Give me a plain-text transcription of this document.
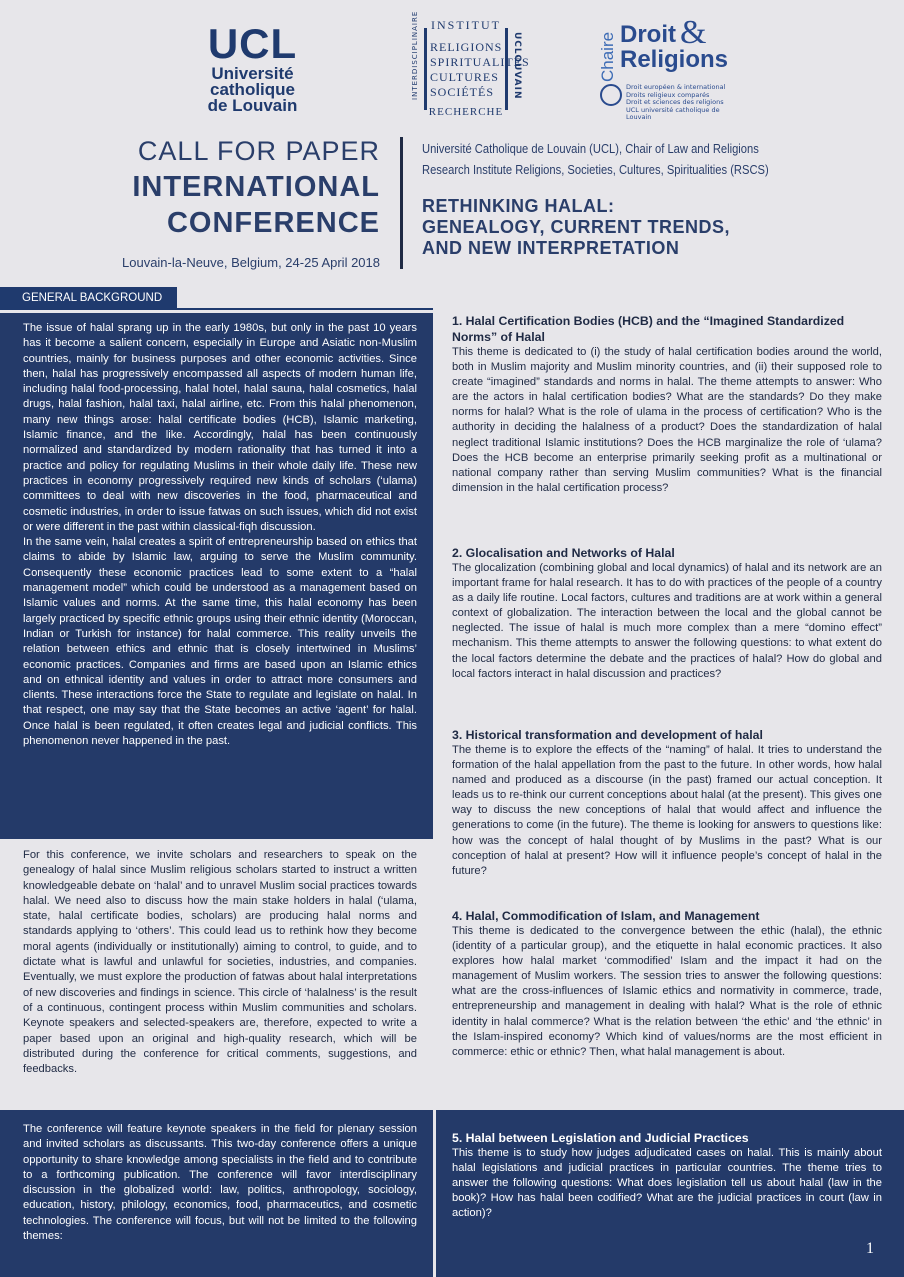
UCL
Université
catholique
de Louvain
INSTITUT
INTERDISCIPLINAIRE	UCLOUVAIN
RELIGIONS
SPIRITUALITÉS
CULTURES
SOCIÉTÉS
RECHERCHE
Chaire Droit &
Religions
Droit européen & international
Droits religieux comparés
Droit et sciences des religions
UCL université catholique de Louvain
CALL FOR PAPER
INTERNATIONAL
CONFERENCE
Louvain-la-Neuve, Belgium, 24-25 April 2018
Université Catholique de Louvain (UCL), Chair of Law and Religions
Research Institute Religions, Societies, Cultures, Spiritualities (RSCS)
RETHINKING HALAL:
GENEALOGY, CURRENT TRENDS,
AND NEW INTERPRETATION
GENERAL BACKGROUND

The issue of halal sprang up in the early 1980s, but only in the past 10 years has it become a salient concern, especially in Europe and Asiatic non-Muslim countries, mainly for business purposes and other economic activities. Since then, halal has progressively encompassed all aspects of modern human life, including halal food-processing, halal hotel, halal sauna, halal cosmetics, halal drugs, halal fashion, halal taxi, halal airline, etc. From this halal phenomenon, many new things arose: halal certificate bodies (HCB), Islamic marketing, Islamic finance, and the like. Accordingly, halal has been continuously normalized and standardized by modern rationality that has turned it into a practice and policy for regulating Muslims in their whole daily life. These new practices in economy progressively required new kinds of scholars (‘ulama) committees to deal with new discoveries in the food, pharmaceutical and cosmetic industries, in order to issue fatwas on such issues, which did not exist or were different in the past within classical-fiqh discussion.

In the same vein, halal creates a spirit of entrepreneurship based on ethics that claims to abide by Islamic law, arguing to serve the Muslim community. Consequently these economic practices lead to some extent to a “halal management model” which could be understood as a management based on Islamic values and norms. At the same time, this halal economy has been largely practiced by specific ethnic groups using their ethnic identity (Moroccan, Indian or Turkish for instance) for halal commerce. This reality unveils the relation between ethics and ethnic that is closely intertwined in Muslims’ economic practices. Companies and firms are based upon an Islamic ethics and on ethnical identity and values in order to attract more consumers and clients. These interactions force the State to regulate and legislate on halal. In that respect, one may say that the State becomes an active ‘agent’ for halal. Once halal is been regulated, it often creates legal and judicial conflicts. This phenomenon never happened in the past.

For this conference, we invite scholars and researchers to speak on the genealogy of halal since Muslim religious scholars started to instruct a written knowledgeable debate on ‘halal’ and to unravel Muslim social practices towards halal. We need also to discuss how the main stake holders in halal (‘ulama, state, halal certificate bodies, scholars) are producing halal norms and standards applying to ‘others’. This could lead us to rethink how they become moral agents (individually or institutionally) aiming to control, to guide, and to dictate what is lawful and unlawful for societies, industries, and companies. Eventually, we must explore the production of fatwas about halal interpretations of new discoveries and findings in science. This circle of ‘halalness’ is the result of a continuous, contingent process within Muslim communities and scholars. Keynote speakers and selected-speakers are, therefore, expected to write a paper based upon an original and high-quality research, which will be distributed during the conference for critical comments, suggestions, and feedbacks.

The conference will feature keynote speakers in the field for plenary session and invited scholars as discussants. This two-day conference offers a unique opportunity to share knowledge among specialists in the field and to contribute to a forthcoming publication. The conference will favor interdisciplinary discussion in the globalized world: law, politics, anthropology, sociology, education, history, philology, economics, food, pharmaceutics, and cosmetic technologies. The conference will focus, but will not be limited to the following themes:

1. Halal Certification Bodies (HCB) and the “Imagined Standardized Norms” of Halal

This theme is dedicated to (i) the study of halal certification bodies around the world, both in Muslim majority and Muslim minority countries, and (ii) their supposed role to create “imagined” standards and norms in halal. The theme attempts to answer: Who are the actors in halal certification bodies? What are the standards? Do they make norms for halal? What is the role of ulama in the process of certification? Who is the authority in deciding the halalness of a product? Does the standardization of halal neglect traditional Islamic institutions? Does the HCB marginalize the role of ‘ulama? Does the HCB become an enterprise primarily seeking profit as a multinational or national company rather than serving Muslim communities? What is the financial dimension in the halal certification process?

2. Glocalisation and Networks of Halal

The glocalization (combining global and local dynamics) of halal and its network are an important frame for halal research. It has to do with practices of the people of a country as a daily life routine. Local factors, cultures and traditions are at work within a general context of globalization. The interaction between the local and the global cannot be neglected. The issue of halal is much more complex than a mere “domino effect” mechanism. This theme attempts to answer the following questions: to what extent do the local factors determine the debate and the practices of halal? How do global and local factors interact in halal discussion and practices?

3. Historical transformation and development of halal

The theme is to explore the effects of the “naming” of halal. It tries to understand the formation of the halal appellation from the past to the future. In other words, how halal named and produced as a discourse (in the past) framed our actual conception. It leads us to re-think our current conceptions about halal (at the present). This gives one way to discuss the new conceptions of halal that would affect and influence the generations to come (in the future). The theme is looking for answers to questions like: how was the concept of halal thought of by Muslims in the past? What is our conception of halal at present? How will it influence people’s concept of halal in the future?

4. Halal, Commodification of Islam, and Management

This theme is dedicated to the convergence between the ethic (halal), the ethnic (identity of a particular group), and the etiquette in halal economic practices. It also explores how halal market ‘commodified’ Islam and the impact it had on the management of Muslim workers. The session tries to answer the following questions: what are the cross-influences of Islamic ethics and normativity in commerce, trade, entrepreneurship and management in dealing with halal? What is the role of ethnic identity in halal commerce? What is the relation between ‘the ethic’ and ‘the ethnic’ in the Islam-inspired economy? Which kind of values/norms are the most efficient in commerce: ethic or ethnic? Then, what halal management is about.

5. Halal between Legislation and Judicial Practices

This theme is to study how judges adjudicated cases on halal. This is mainly about halal legislations and judicial practices in particular countries. The theme tries to answer the following questions: What does legislation tell us about halal (law in the book)? How has halal been codified? What are the judicial practices in court (law in action)?

1
